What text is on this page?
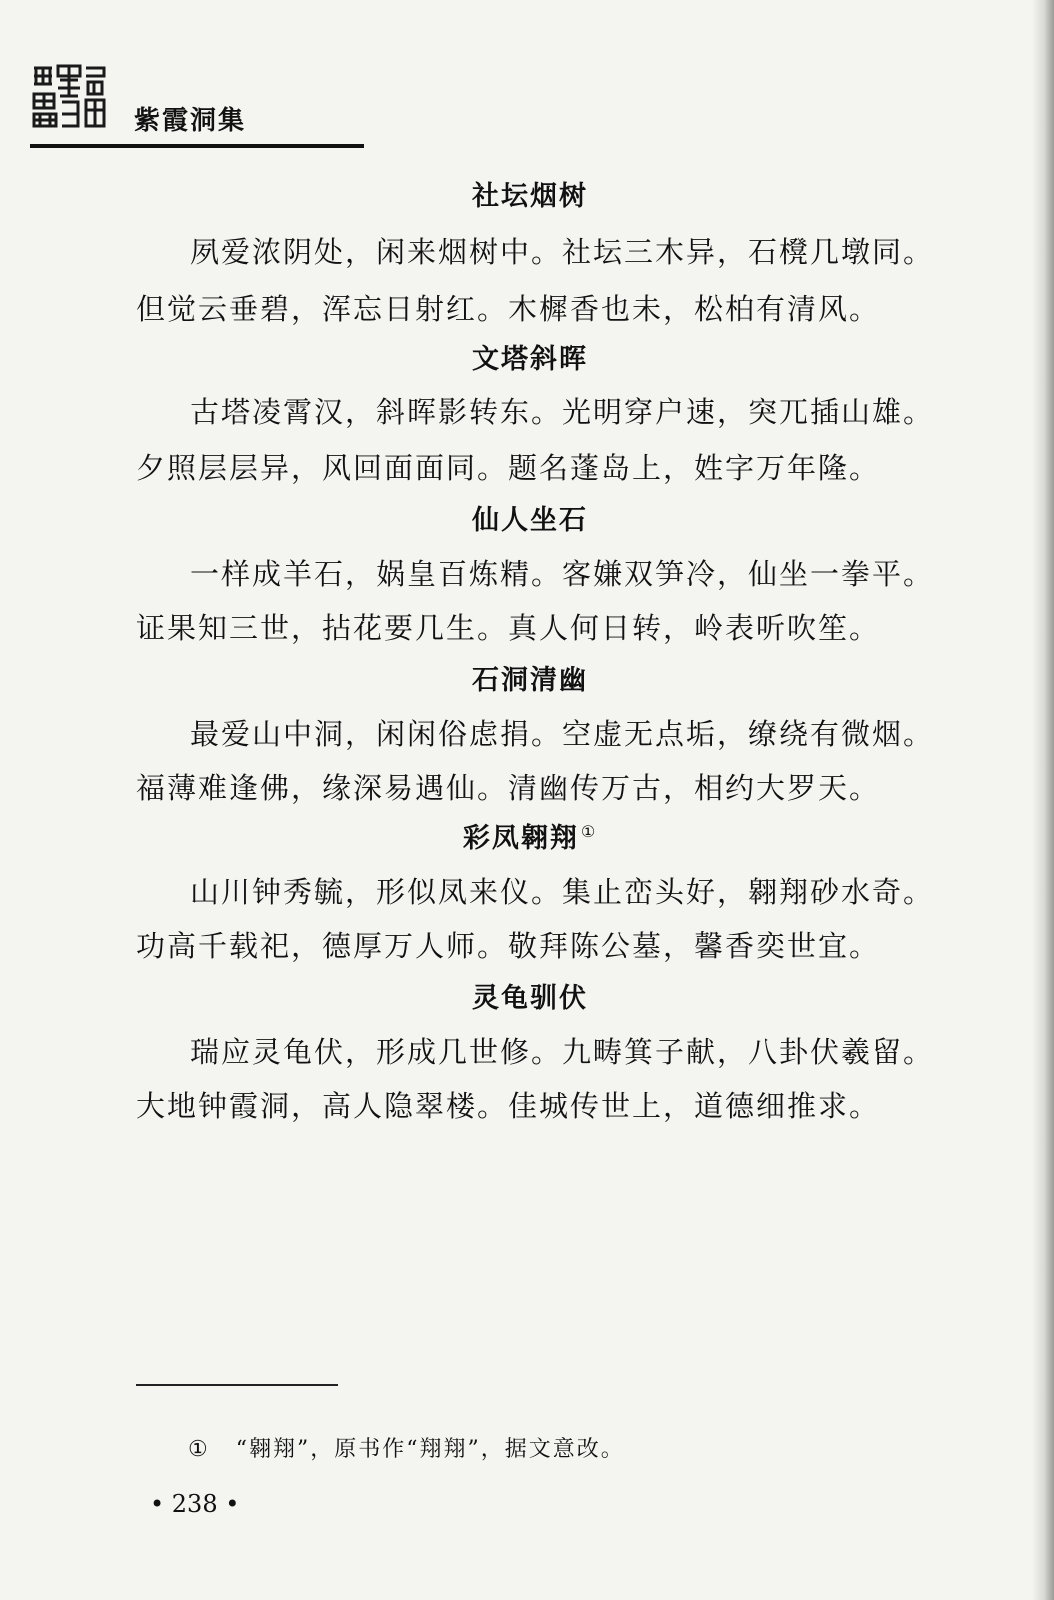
紫霞洞集
社坛烟树
夙爱浓阴处，闲来烟树中。社坛三木异，石櫈几墩同。
但觉云垂碧，浑忘日射红。木樨香也未，松柏有清风。
文塔斜晖
古塔凌霄汉，斜晖影转东。光明穿户速，突兀插山雄。
夕照层层异，风回面面同。题名蓬岛上，姓字万年隆。
仙人坐石
一样成羊石，娲皇百炼精。客嫌双笋冷，仙坐一拳平。
证果知三世，拈花要几生。真人何日转，岭表听吹笙。
石洞清幽
最爱山中洞，闲闲俗虑捐。空虚无点垢，缭绕有微烟。
福薄难逢佛，缘深易遇仙。清幽传万古，相约大罗天。
彩凤翱翔 ①
山川钟秀毓，形似凤来仪。集止峦头好，翱翔砂水奇。
功高千载祀，德厚万人师。敬拜陈公墓，馨香奕世宜。
灵龟驯伏
瑞应灵龟伏，形成几世修。九畴箕子献，八卦伏羲留。
大地钟霞洞，高人隐翠楼。佳城传世上，道德细推求。
① “翱翔”，原书作“翔翔”，据文意改。
• 238 •
